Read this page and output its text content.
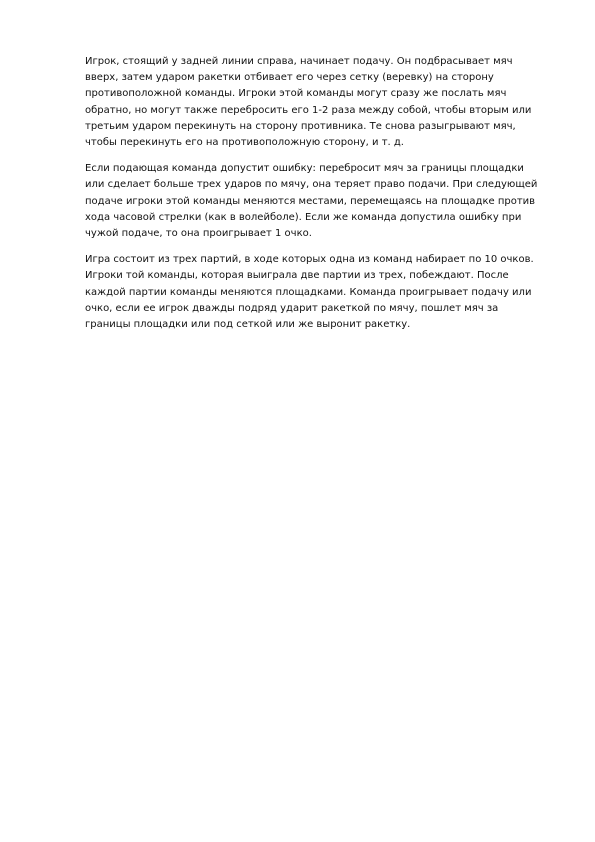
Игрок, стоящий у задней линии справа, начинает подачу. Он подбрасывает мяч вверх, затем ударом ракетки отбивает его через сетку (веревку) на сторону противоположной команды. Игроки этой команды могут сразу же послать мяч обратно, но могут также перебросить его 1-2 раза между собой, чтобы вторым или третьим ударом перекинуть на сторону противника. Те снова разыгрывают мяч, чтобы перекинуть его на противоположную сторону, и т. д.

Если подающая команда допустит ошибку: перебросит мяч за границы площадки или сделает больше трех ударов по мячу, она теряет право подачи. При следующей подаче игроки этой команды меняются местами, перемещаясь на площадке против хода часовой стрелки (как в волейболе). Если же команда допустила ошибку при чужой подаче, то она проигрывает 1 очко.

Игра состоит из трех партий, в ходе которых одна из команд набирает по 10 очков. Игроки той команды, которая выиграла две партии из трех, побеждают. После каждой партии команды меняются площадками. Команда проигрывает подачу или очко, если ее игрок дважды подряд ударит ракеткой по мячу, пошлет мяч за границы площадки или под сеткой или же выронит ракетку.
